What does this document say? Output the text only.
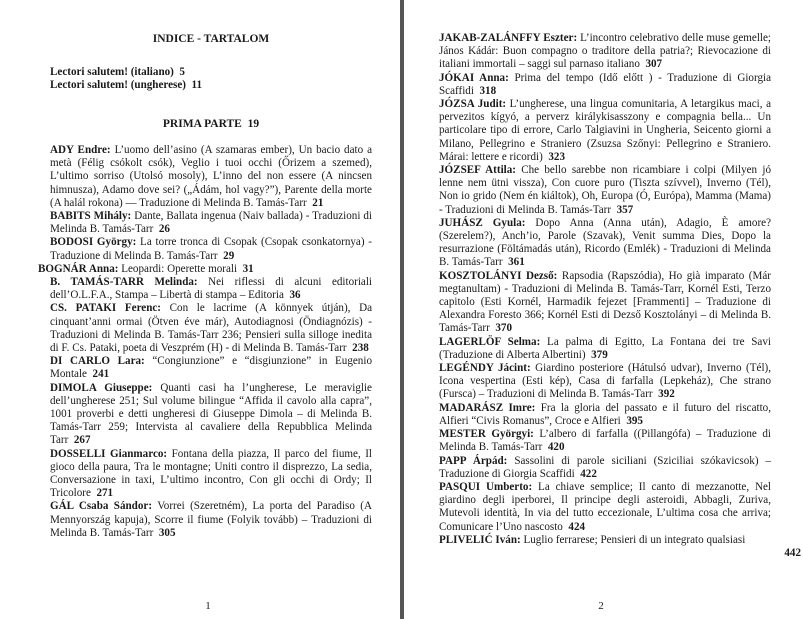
INDICE - TARTALOM
Lectori salutem! (italiano) 5
Lectori salutem! (ungherese) 11
PRIMA PARTE 19

ADY Endre: L’uomo dell’asino (A szamaras ember), Un bacio dato a metà (Félig csókolt csók), Veglio i tuoi occhi (Őrizem a szemed), L’ultimo sorriso (Utolsó mosoly), L’inno del non essere (A nincsen himnusza), Adamo dove sei? („Ádám, hol vagy?”), Parente della morte (A halál rokona) — Traduzione di Melinda B. Tamás-Tarr 21

BABITS Mihály: Dante, Ballata ingenua (Naiv ballada) - Traduzioni di Melinda B. Tamás-Tarr 26

BODOSI György: La torre tronca di Csopak (Csopak csonkatornya) - Traduzione di Melinda B. Tamás-Tarr 29

BOGNÁR Anna: Leopardi: Operette morali 31

B. TAMÁS-TARR Melinda: Nei riflessi di alcuni editoriali dell’O.L.F.A., Stampa – Libertà di stampa – Editoria 36

CS. PATAKI Ferenc: Con le lacrime (A könnyek útján), Da cinquant’anni ormai (Ötven éve már), Autodiagnosi (Öndiagnózis) - Traduzioni di Melinda B. Tamás-Tarr 236; Pensieri sulla silloge inedita di F. Cs. Pataki, poeta di Veszprém (H) - di Melinda B. Tamás-Tarr 238

DI CARLO Lara: “Congiunzione” e “disgiunzione” in Eugenio Montale 241

DIMOLA Giuseppe: Quanti casi ha l’ungherese, Le meraviglie dell’ungherese 251; Sul volume bilingue “Affida il cavolo alla capra”, 1001 proverbi e detti ungheresi di Giuseppe Dimola – di Melinda B. Tamás-Tarr 259; Intervista al cavaliere della Repubblica Melinda Tarr 267

DOSSELLI Gianmarco: Fontana della piazza, Il parco del fiume, Il gioco della paura, Tra le montagne; Uniti contro il disprezzo, La sedia, Conversazione in taxi, L’ultimo incontro, Con gli occhi di Ordy; Il Tricolore 271

GÁL Csaba Sándor: Vorrei (Szeretném), La porta del Paradiso (A Mennyország kapuja), Scorre il fiume (Folyik tovább) – Traduzioni di Melinda B. Tamás-Tarr 305

1

JAKAB-ZALÁNFFY Eszter: L’incontro celebrativo delle muse gemelle; János Kádár: Buon compagno o traditore della patria?; Rievocazione di italiani immortali – saggi sul parnaso italiano 307

JÓKAI Anna: Prima del tempo (Idő előtt ) - Traduzione di Giorgia Scaffidi 318

JÓZSA Judit: L’ungherese, una lingua comunitaria, A letargikus maci, a pervezitos kígyó, a perverz királykisasszony e compagnia bella... Un particolare tipo di errore, Carlo Talgiavini in Ungheria, Seicento giorni a Milano, Pellegrino e Straniero (Zsuzsa Szőnyi: Pellegrino e Straniero. Márai: lettere e ricordi) 323

JÓZSEF Attila: Che bello sarebbe non ricambiare i colpi (Milyen jó lenne nem ütni vissza), Con cuore puro (Tiszta szívvel), Inverno (Tél), Non io grido (Nem én kiáltok), Oh, Europa (Ó, Európa), Mamma (Mama) - Traduzioni di Melinda B. Tamás-Tarr 357

JUHÁSZ Gyula: Dopo Anna (Anna után), Adagio, È amore? (Szerelem?), Anch’io, Parole (Szavak), Venit summa Dies, Dopo la resurrazione (Föltámadás után), Ricordo (Emlék) - Traduzioni di Melinda B. Tamás-Tarr 361

KOSZTOLÁNYI Dezső: Rapsodia (Rapszódia), Ho già imparato (Már megtanultam) - Traduzioni di Melinda B. Tamás-Tarr, Kornél Esti, Terzo capitolo (Esti Kornél, Harmadik fejezet [Frammenti] – Traduzione di Alexandra Foresto 366; Kornél Esti di Dezső Kosztolányi – di Melinda B. Tamás-Tarr 370

LAGERLÖF Selma: La palma di Egitto, La Fontana dei tre Savi (Traduzione di Alberta Albertini) 379

LEGÉNDY Jácint: Giardino posteriore (Hátulsó udvar), Inverno (Tél), Icona vespertina (Esti kép), Casa di farfalla (Lepkeház), Che strano (Fursca) – Traduzioni di Melinda B. Tamás-Tarr 392

MADARÁSZ Imre: Fra la gloria del passato e il futuro del riscatto, Alfieri “Civis Romanus”, Croce e Alfieri 395

MESTER Györgyi: L’albero di farfalla ((Pillangófa) – Traduzione di Melinda B. Tamás-Tarr 420

PAPP Árpád: Sassolini di parole siciliani (Sziciliai szókavicsok) – Traduzione di Giorgia Scaffidi 422

PASQUI Umberto: La chiave semplice; Il canto di mezzanotte, Nel giardino degli iperborei, Il principe degli asteroidi, Abbagli, Zuriva, Mutevoli identità, In via del tutto eccezionale, L’ultima cosa che arriva; Comunicare l’Uno nascosto 424

PLIVELIĆ Iván: Luglio ferrarese; Pensieri di un integrato qualsiasi
442

2
